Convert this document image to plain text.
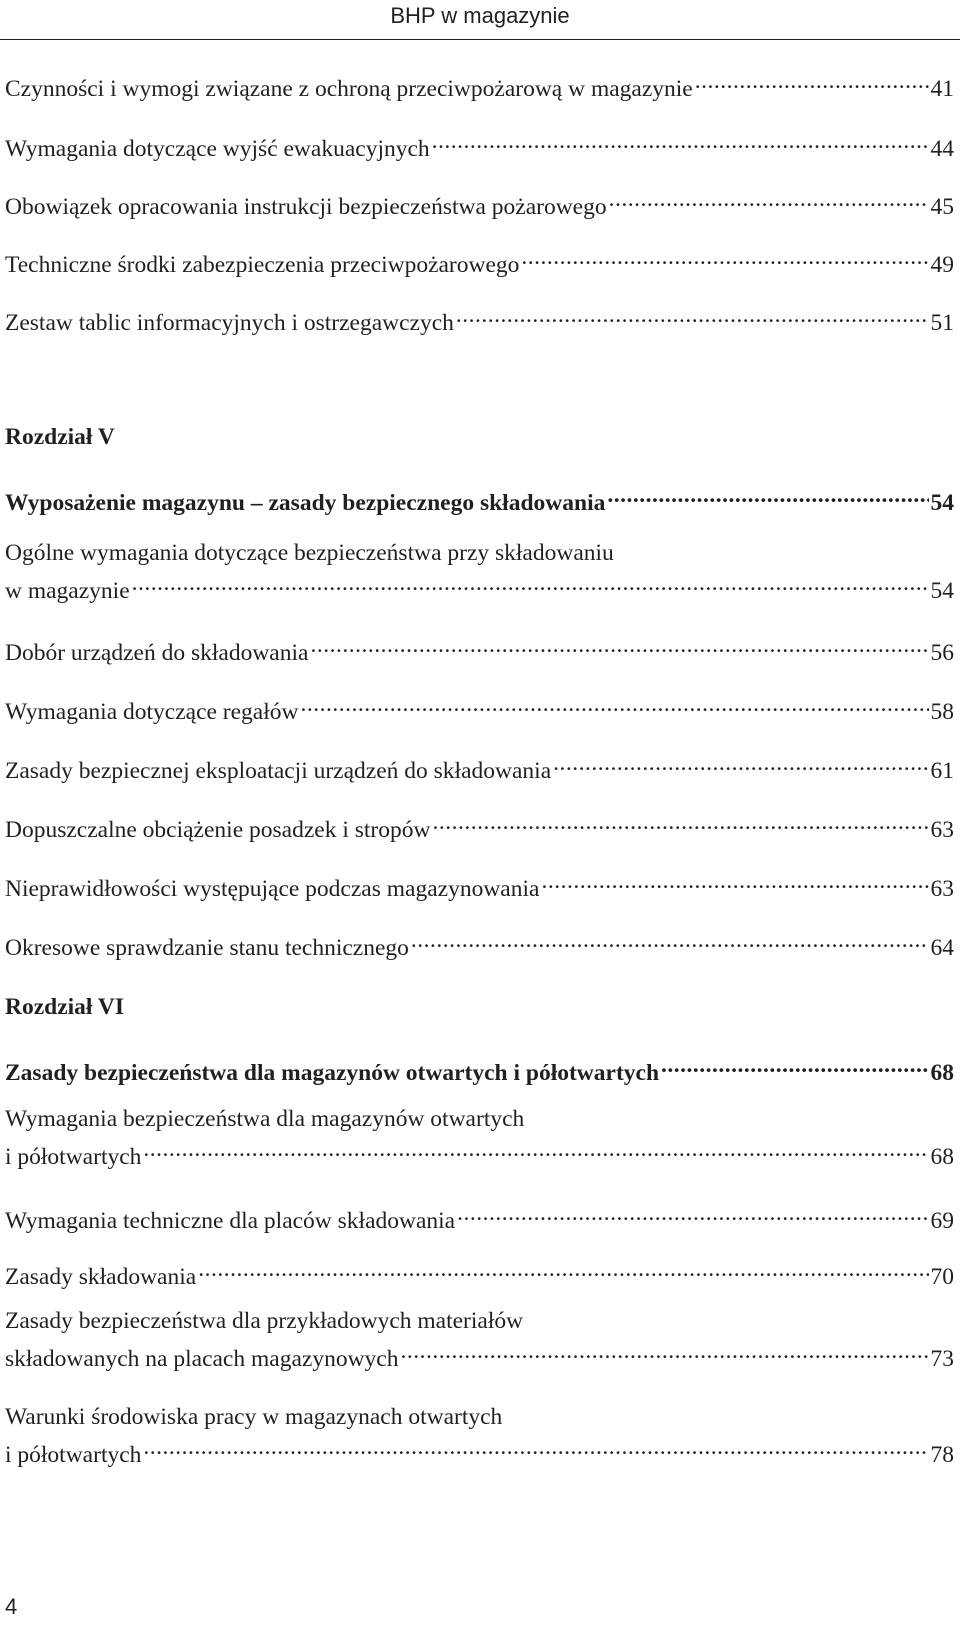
BHP w magazynie
Czynności i wymogi związane z ochroną przeciwpożarową w magazynie .....	41
Wymagania dotyczące wyjść ewakuacyjnych .....	44
Obowiązek opracowania instrukcji bezpieczeństwa pożarowego .....	45
Techniczne środki zabezpieczenia przeciwpożarowego .....	49
Zestaw tablic informacyjnych i ostrzegawczych .....	51
Rozdział V
Wyposażenie magazynu – zasady bezpiecznego składowania .....	54
Ogólne wymagania dotyczące bezpieczeństwa przy składowaniu
w magazynie .....	54
Dobór urządzeń do składowania .....	56
Wymagania dotyczące regałów .....	58
Zasady bezpiecznej eksploatacji urządzeń do składowania .....	61
Dopuszczalne obciążenie posadzek i stropów .....	63
Nieprawidłowości występujące podczas magazynowania .....	63
Okresowe sprawdzanie stanu technicznego .....	64
Rozdział VI
Zasady bezpieczeństwa dla magazynów otwartych i półotwartych .....	68
Wymagania bezpieczeństwa dla magazynów otwartych
i półotwartych .....	68
Wymagania techniczne dla placów składowania .....	69
Zasady składowania .....	70
Zasady bezpieczeństwa dla przykładowych materiałów
składowanych na placach magazynowych .....	73
Warunki środowiska pracy w magazynach otwartych
i półotwartych .....	78
4
